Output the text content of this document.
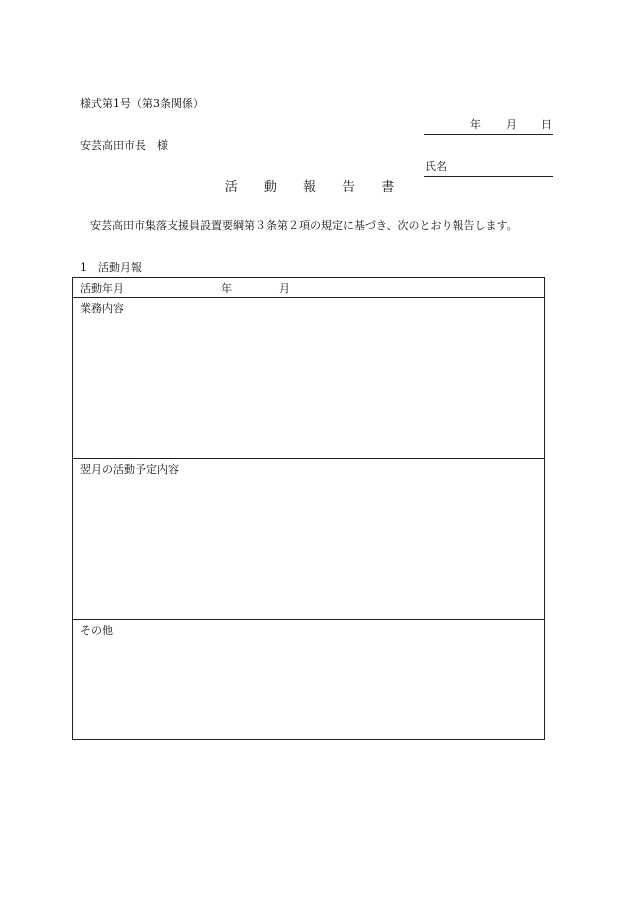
様式第1号（第3条関係）
年 月 日
安芸高田市長　様
氏名
活 動 報 告 書
安芸高田市集落支援員設置要綱第３条第２項の規定に基づき、次のとおり報告します。
1　活動月報
活動年月	年	月
業務内容
翌月の活動予定内容
その他
